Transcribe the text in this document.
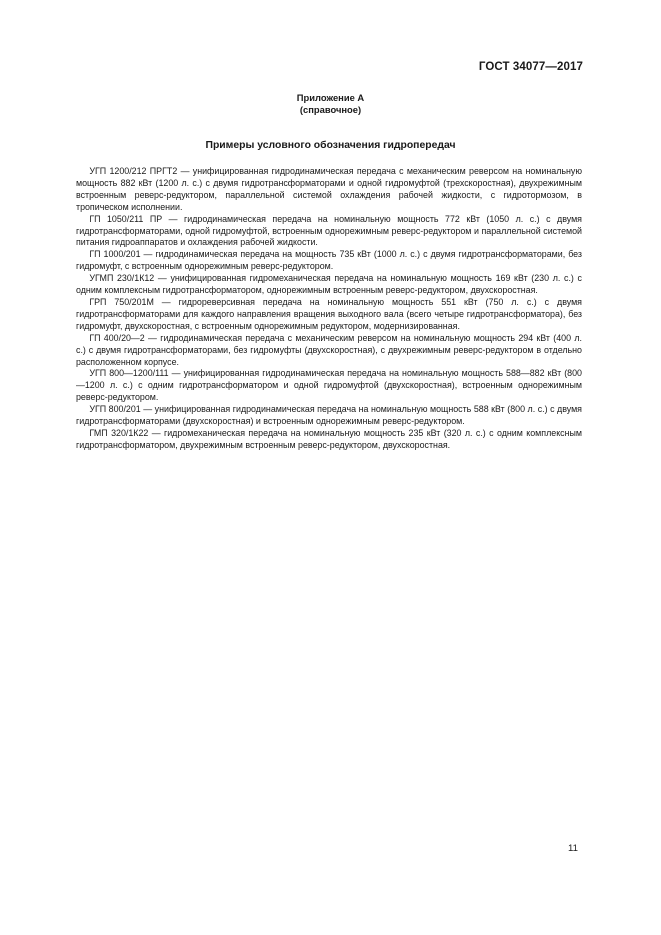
ГОСТ 34077—2017
Приложение А
(справочное)
Примеры условного обозначения гидропередач

  УГП 1200/212 ПРГТ2 — унифицированная гидродинамическая передача с механическим реверсом на номинальную мощность 882 кВт (1200 л. с.) с двумя гидротрансформаторами и одной гидромуфтой (трехскоростная), двухрежимным встроенным реверс-редуктором, параллельной системой охлаждения рабочей жидкости, с гидротормозом, в тропическом исполнении.

  ГП 1050/211 ПР — гидродинамическая передача на номинальную мощность 772 кВт (1050 л. с.) с двумя гидротрансформаторами, одной гидромуфтой, встроенным однорежимным реверс-редуктором и параллельной системой питания гидроаппаратов и охлаждения рабочей жидкости.

  ГП 1000/201 — гидродинамическая передача на мощность 735 кВт (1000 л. с.) с двумя гидротрансформаторами, без гидромуфт, с встроенным однорежимным реверс-редуктором.

  УГМП 230/1К12 — унифицированная гидромеханическая передача на номинальную мощность 169 кВт (230 л. с.) с одним комплексным гидротрансформатором, однорежимным встроенным реверс-редуктором, двухскоростная.

  ГРП 750/201М — гидрореверсивная передача на номинальную мощность 551 кВт (750 л. с.) с двумя гидротрансформаторами для каждого направления вращения выходного вала (всего четыре гидротрансформатора), без гидромуфт, двухскоростная, с встроенным однорежимным редуктором, модернизированная.

  ГП 400/20—2 — гидродинамическая передача с механическим реверсом на номинальную мощность 294 кВт (400 л. с.) с двумя гидротрансформаторами, без гидромуфты (двухскоростная), с двухрежимным реверс-редуктором в отдельно расположенном корпусе.

  УГП 800—1200/111 — унифицированная гидродинамическая передача на номинальную мощность 588—882 кВт (800—1200 л. с.) с одним гидротрансформатором и одной гидромуфтой (двухскоростная), встроенным однорежимным реверс-редуктором.

  УГП 800/201 — унифицированная гидродинамическая передача на номинальную мощность 588 кВт (800 л. с.) с двумя гидротрансформаторами (двухскоростная) и встроенным однорежимным реверс-редуктором.

  ГМП 320/1К22 — гидромеханическая передача на номинальную мощность 235 кВт (320 л. с.) с одним комплексным гидротрансформатором, двухрежимным встроенным реверс-редуктором, двухскоростная.

11
